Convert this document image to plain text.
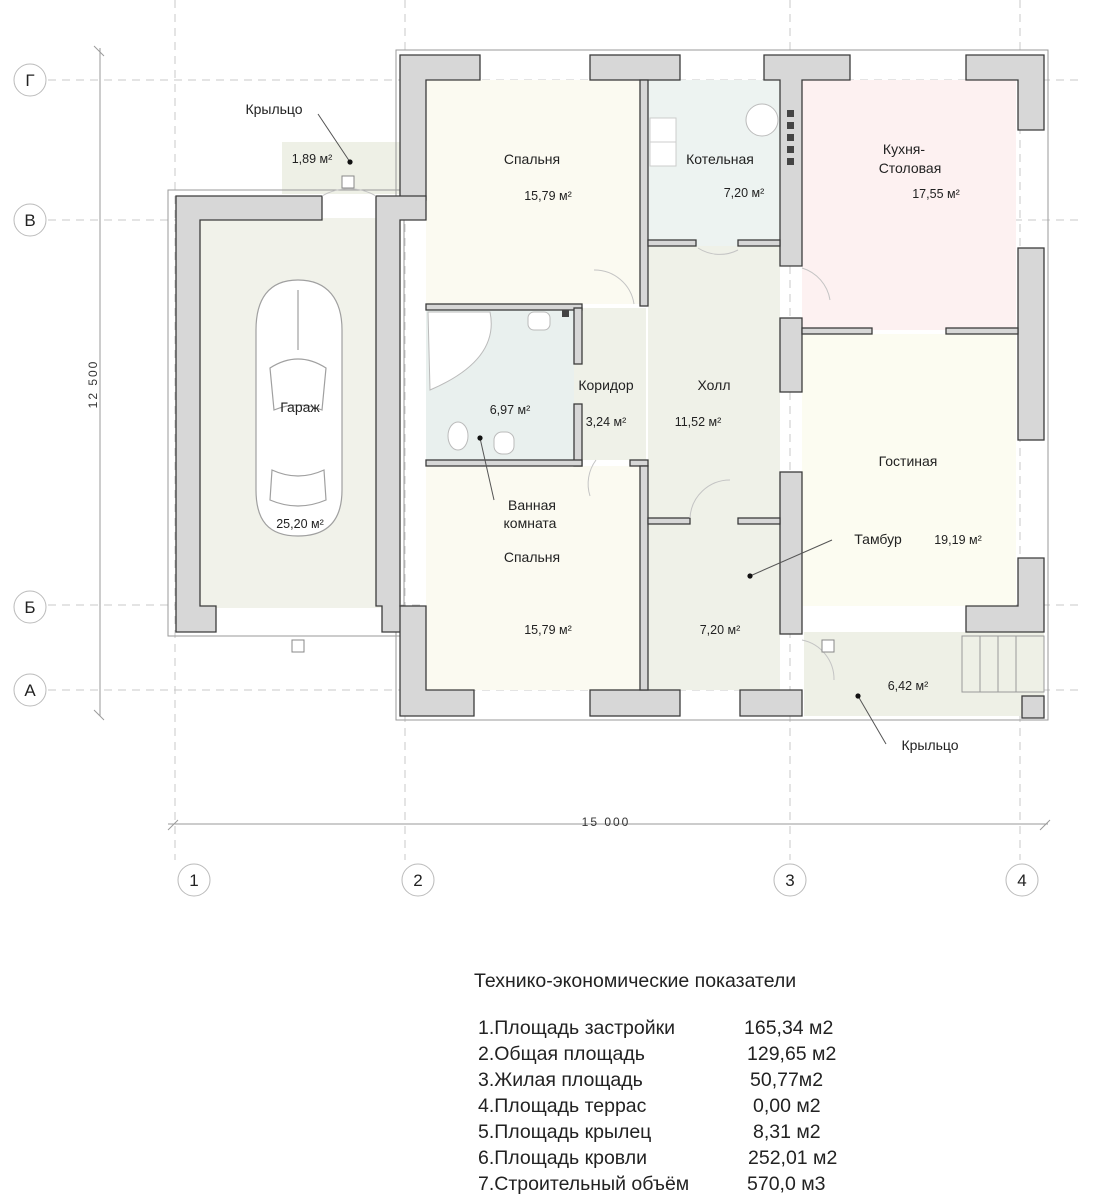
12 500
15 000
Г
В
Б
А
1	2	3	4
Крыльцо
1,89 м²
Гараж
25,20 м²
Спальня
15,79 м²
Котельная
7,20 м²
Кухня-
Столовая
17,55 м²
6,97 м²
Ванная
комната
Коридор
3,24 м²
Холл
11,52 м²
Гостиная
19,19 м²
Тамбур
7,20 м²
Спальня
15,79 м²
6,42 м²
Крыльцо
Технико-экономические показатели
1.Площадь застройки	165,34 м2
2.Общая площадь	129,65 м2
3.Жилая площадь	50,77м2
4.Площадь террас	0,00 м2
5.Площадь крылец	8,31 м2
6.Площадь кровли	252,01 м2
7.Строительный объём	570,0 м3
